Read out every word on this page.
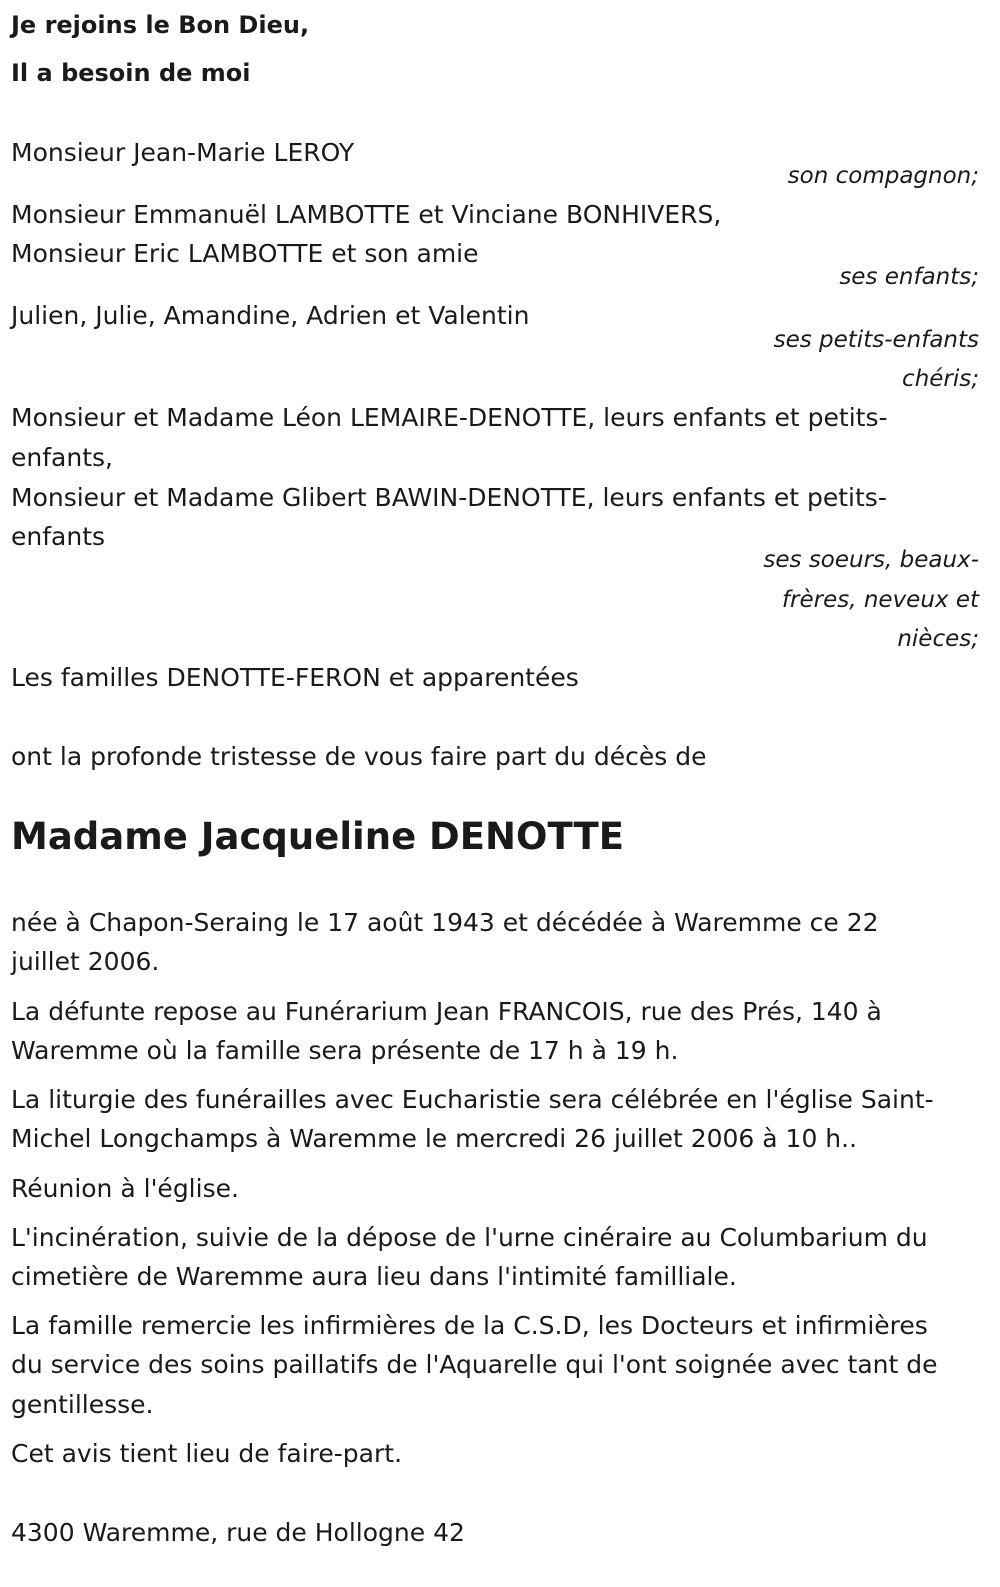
Je rejoins le Bon Dieu,
Il a besoin de moi
Monsieur Jean-Marie LEROY
son compagnon;
Monsieur Emmanuël LAMBOTTE et Vinciane BONHIVERS,
Monsieur Eric LAMBOTTE et son amie
ses enfants;
Julien, Julie, Amandine, Adrien et Valentin
ses petits-enfants
chéris;
Monsieur et Madame Léon LEMAIRE-DENOTTE, leurs enfants et petits-
enfants,
Monsieur et Madame Glibert BAWIN-DENOTTE, leurs enfants et petits-
enfants
ses soeurs, beaux-
frères, neveux et
nièces;
Les familles DENOTTE-FERON et apparentées
ont la profonde tristesse de vous faire part du décès de
Madame Jacqueline DENOTTE
née à Chapon-Seraing le 17 août 1943 et décédée à Waremme ce 22
juillet 2006.
La défunte repose au Funérarium Jean FRANCOIS, rue des Prés, 140 à
Waremme où la famille sera présente de 17 h à 19 h.
La liturgie des funérailles avec Eucharistie sera célébrée en l'église Saint-
Michel Longchamps à Waremme le mercredi 26 juillet 2006 à 10 h..
Réunion à l'église.
L'incinération, suivie de la dépose de l'urne cinéraire au Columbarium du
cimetière de Waremme aura lieu dans l'intimité familliale.
La famille remercie les infirmières de la C.S.D, les Docteurs et infirmières
du service des soins paillatifs de l'Aquarelle qui l'ont soignée avec tant de
gentillesse.
Cet avis tient lieu de faire-part.
4300 Waremme, rue de Hollogne 42
